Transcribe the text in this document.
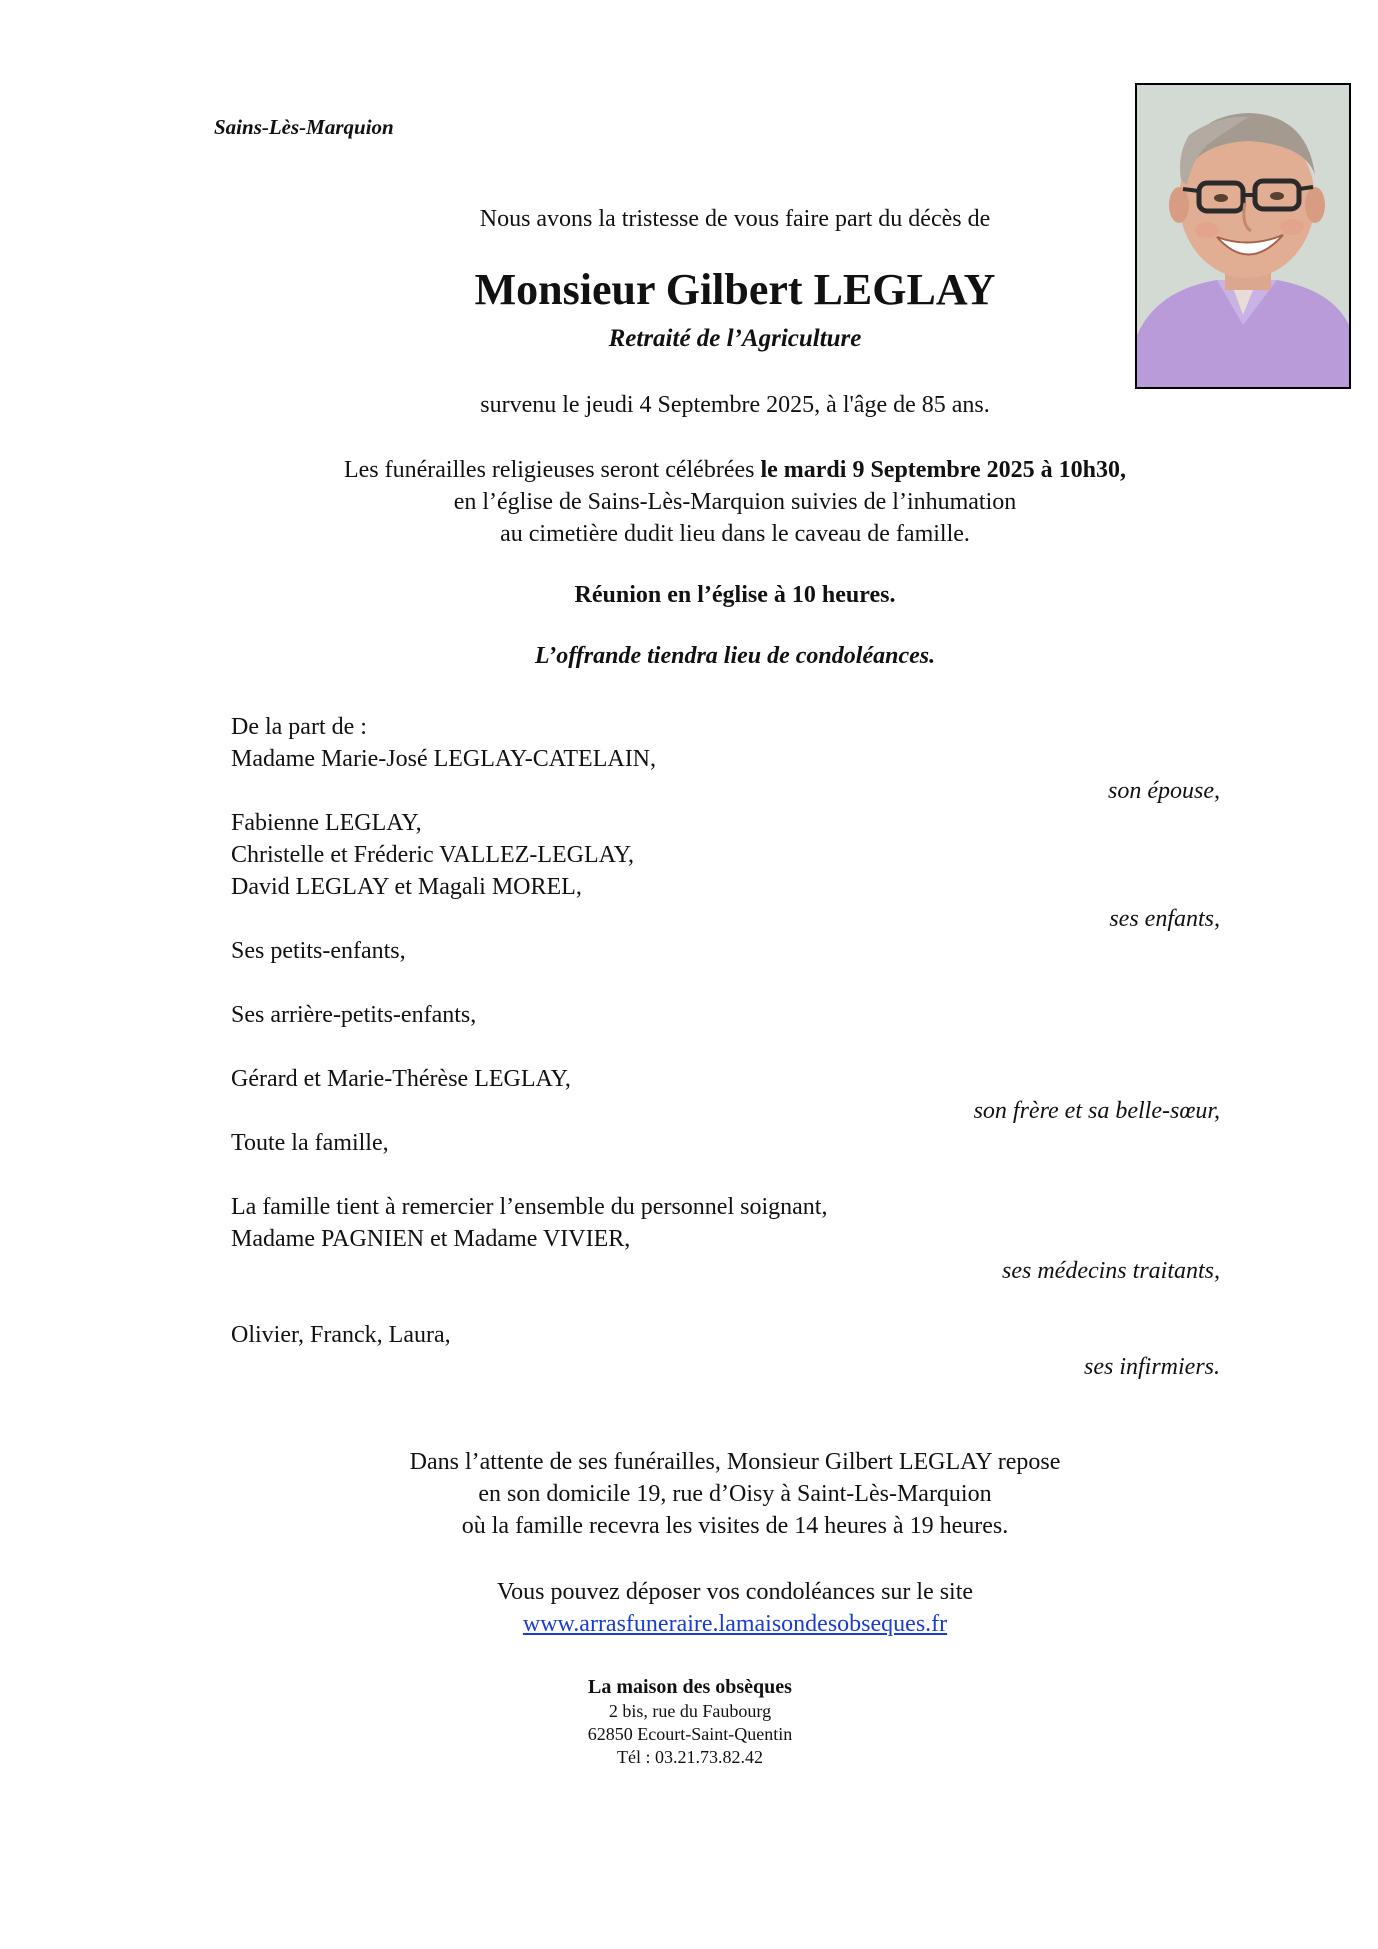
Sains-Lès-Marquion
Nous avons la tristesse de vous faire part du décès de
Monsieur Gilbert LEGLAY
Retraité de l’Agriculture
survenu le jeudi 4 Septembre 2025, à l'âge de 85 ans.
Les funérailles religieuses seront célébrées le mardi 9 Septembre 2025 à 10h30,
en l’église de Sains-Lès-Marquion suivies de l’inhumation
au cimetière dudit lieu dans le caveau de famille.
Réunion en l’église à 10 heures.
L’offrande tiendra lieu de condoléances.
De la part de :
Madame Marie-José LEGLAY-CATELAIN,
son épouse,
Fabienne LEGLAY,
Christelle et Fréderic VALLEZ-LEGLAY,
David LEGLAY et Magali MOREL,
ses enfants,
Ses petits-enfants,
Ses arrière-petits-enfants,
Gérard et Marie-Thérèse LEGLAY,
son frère et sa belle-sœur,
Toute la famille,
La famille tient à remercier l’ensemble du personnel soignant,
Madame PAGNIEN et Madame VIVIER,
ses médecins traitants,
Olivier, Franck, Laura,
ses infirmiers.
Dans l’attente de ses funérailles, Monsieur Gilbert LEGLAY repose
en son domicile 19, rue d’Oisy à Saint-Lès-Marquion
où la famille recevra les visites de 14 heures à 19 heures.
Vous pouvez déposer vos condoléances sur le site
www.arrasfuneraire.lamaisondesobseques.fr
La maison des obsèques
2 bis, rue du Faubourg
62850 Ecourt-Saint-Quentin
Tél : 03.21.73.82.42
